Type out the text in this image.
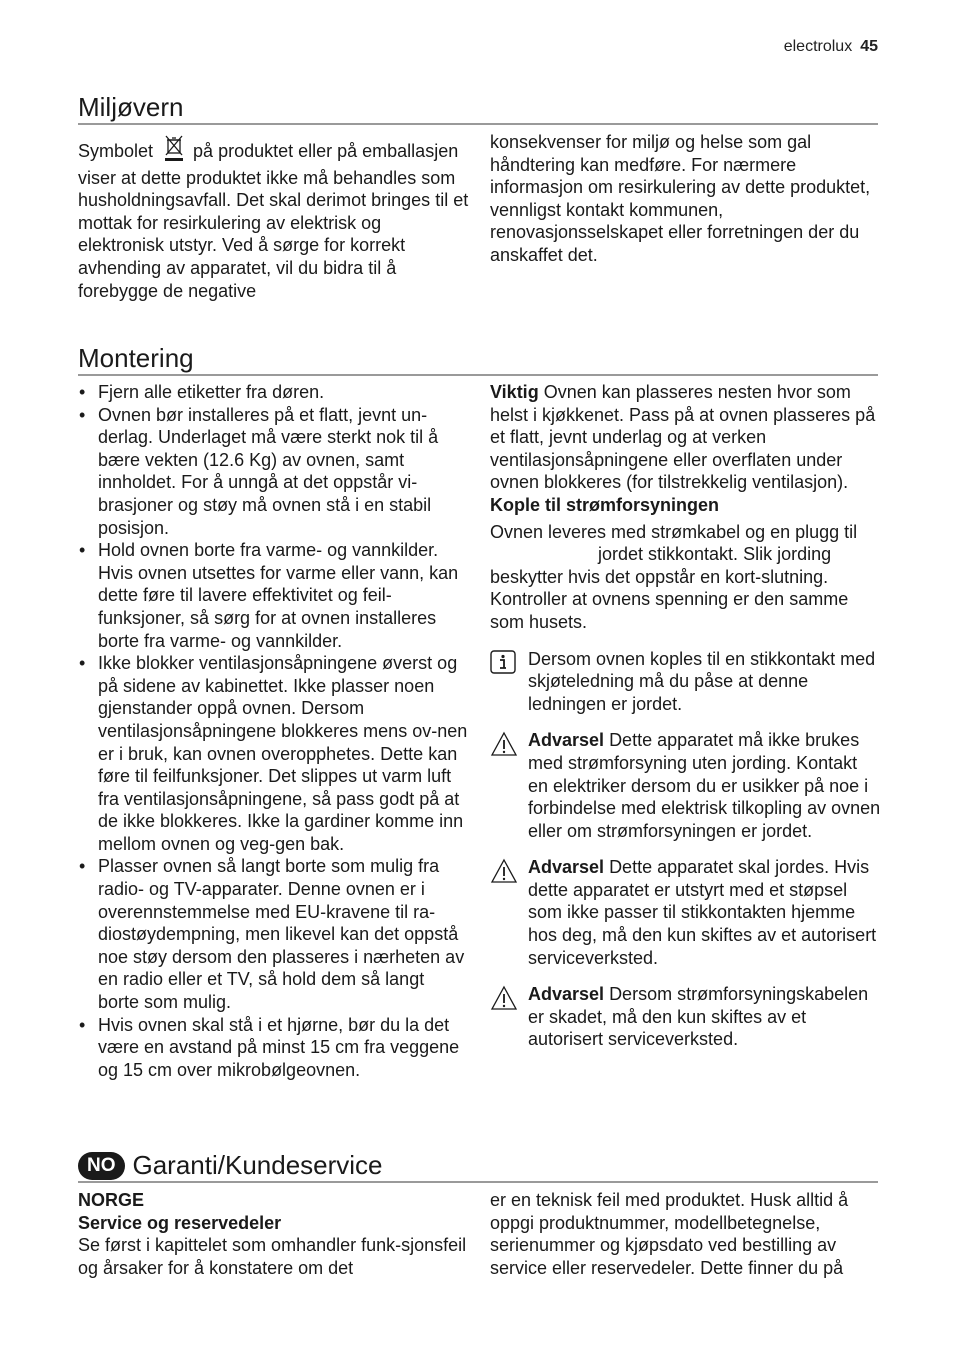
electrolux 45
Miljøvern

Symbolet på produktet eller på emballasjen viser at dette produktet ikke må behandles som husholdningsavfall. Det skal derimot bringes til et mottak for resirkulering av elektrisk og elektronisk utstyr. Ved å sørge for korrekt avhending av apparatet, vil du bidra til å forebygge de negative

konsekvenser for miljø og helse som gal håndtering kan medføre. For nærmere informasjon om resirkulering av dette produktet, vennligst kontakt kommunen, renovasjonsselskapet eller forretningen der du anskaffet det.

Montering
• Fjern alle etiketter fra døren.
• Ovnen bør installeres på et flatt, jevnt un-derlag. Underlaget må være sterkt nok til å bære vekten (12.6 Kg) av ovnen, samt innholdet. For å unngå at det oppstår vi-brasjoner og støy må ovnen stå i en stabil posisjon.
• Hold ovnen borte fra varme- og vannkilder. Hvis ovnen utsettes for varme eller vann, kan dette føre til lavere effektivitet og feil-funksjoner, så sørg for at ovnen installeres borte fra varme- og vannkilder.
• Ikke blokker ventilasjonsåpningene øverst og på sidene av kabinettet. Ikke plasser noen gjenstander oppå ovnen. Dersom ventilasjonsåpningene blokkeres mens ov-nen er i bruk, kan ovnen overopphetes. Dette kan føre til feilfunksjoner. Det slippes ut varm luft fra ventilasjonsåpningene, så pass godt på at de ikke blokkeres. Ikke la gardiner komme inn mellom ovnen og veg-gen bak.
• Plasser ovnen så langt borte som mulig fra radio- og TV-apparater. Denne ovnen er i overennstemmelse med EU-kravene til ra-diostøydempning, men likevel kan det oppstå noe støy dersom den plasseres i nærheten av en radio eller et TV, så hold dem så langt borte som mulig.
• Hvis ovnen skal stå i et hjørne, bør du la det være en avstand på minst 15 cm fra veggene og 15 cm over mikrobølgeovnen.

Viktig Ovnen kan plasseres nesten hvor som helst i kjøkkenet. Pass på at ovnen plasseres på et flatt, jevnt underlag og at verken ventilasjonsåpningene eller overflaten under ovnen blokkeres (for tilstrekkelig ventilasjon).

Kople til strømforsyningen

Ovnen leveres med strømkabel og en plugg tiljordet stikkontakt. Slik jording beskytter hvis det oppstår en kort-slutning. Kontroller at ovnens spenning er den samme som husets.

Dersom ovnen koples til en stikkontakt med skjøteledning må du påse at denne ledningen er jordet.
Advarsel Dette apparatet må ikke brukes med strømforsyning uten jording. Kontakt en elektriker dersom du er usikker på noe i forbindelse med elektrisk tilkopling av ovnen eller om strømforsyningen er jordet.
Advarsel Dette apparatet skal jordes. Hvis dette apparatet er utstyrt med et støpsel som ikke passer til stikkontakten hjemme hos deg, må den kun skiftes av et autorisert serviceverksted.
Advarsel Dersom strømforsyningskabelen er skadet, må den kun skiftes av et autorisert serviceverksted.
NO Garanti/Kundeservice

NORGE

Service og reservedeler

Se først i kapittelet som omhandler funk-sjonsfeil og årsaker for å konstatere om det

er en teknisk feil med produktet. Husk alltid å oppgi produktnummer, modellbetegnelse, serienummer og kjøpsdato ved bestilling av service eller reservedeler. Dette finner du på
